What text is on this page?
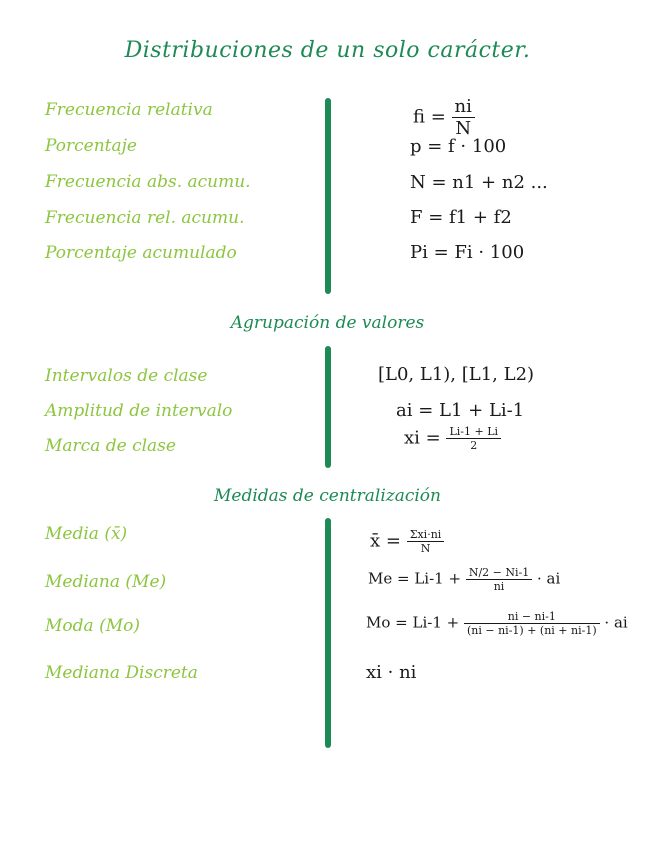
Distribuciones de un solo carácter.
Frecuencia relativa
Porcentaje
Frecuencia abs. acumu.
Frecuencia rel. acumu.
Porcentaje acumulado
fi = $\frac{ni}{N}$
p = f · 100
N = n1 + n2 ...
F = f1 + f2
Pi = Fi · 100
Agrupación de valores
Intervalos de clase
Amplitud de intervalo
Marca de clase
[L0, L1), [L1, L2)
ai = L1 + Li-1
xi = $\frac{Li-1 + Li}{2}$
Medidas de centralización
Media (x̄)
Mediana (Me)
Moda (Mo)
Mediana Discreta
x̄ = $\frac{\text{Σxi·ni}}{N}$
$Me = Li-1 + \frac{N/2 - Ni-1}{ni}$ · ai
$Mo = Li-1 + \frac{ni - ni-1}{(ni - ni-1) + (ni + ni-1)}$ · ai
xi · ni
